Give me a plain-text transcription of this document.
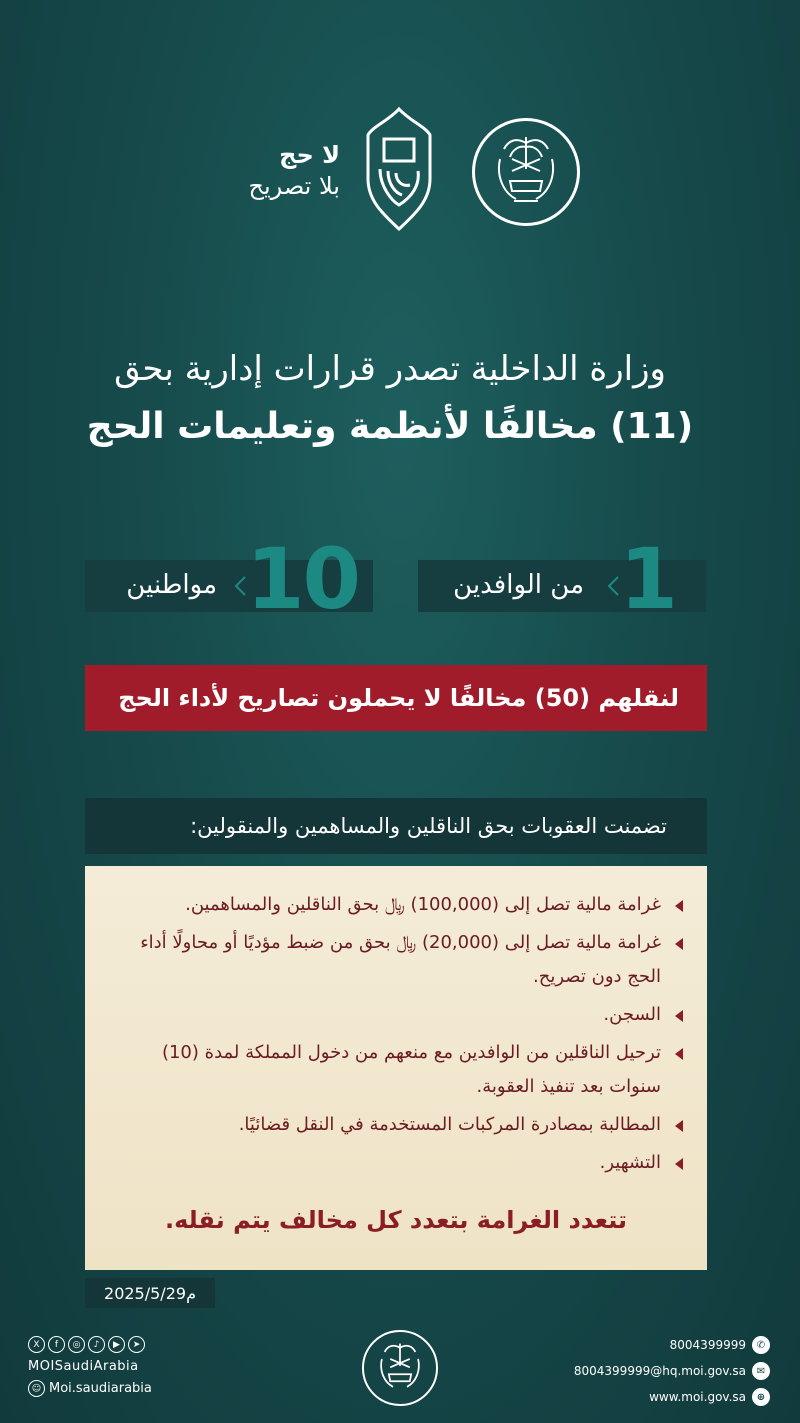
لا حج
بلا تصريح
وزارة الداخلية تصدر قرارات إدارية بحق
(11) مخالفًا لأنظمة وتعليمات الحج
1
من الوافدين
10
مواطنين
لنقلهم (50) مخالفًا لا يحملون تصاريح لأداء الحج
تضمنت العقوبات بحق الناقلين والمساهمين والمنقولين:
غرامة مالية تصل إلى (100,000) ﷼ بحق الناقلين والمساهمين.
غرامة مالية تصل إلى (20,000) ﷼ بحق من ضبط مؤديًا أو محاولًا أداء الحج دون تصريح.
السجن.
ترحيل الناقلين من الوافدين مع منعهم من دخول المملكة لمدة (10) سنوات بعد تنفيذ العقوبة.
المطالبة بمصادرة المركبات المستخدمة في النقل قضائيًا.
التشهير.
تتعدد الغرامة بتعدد كل مخالف يتم نقله.
2025/5/29م
X	f	◎	♪	▶	➤
MOISaudiArabia
☺ Moi.saudiarabia
8004399999	✆
8004399999@hq.moi.gov.sa	✉
www.moi.gov.sa	⊕
